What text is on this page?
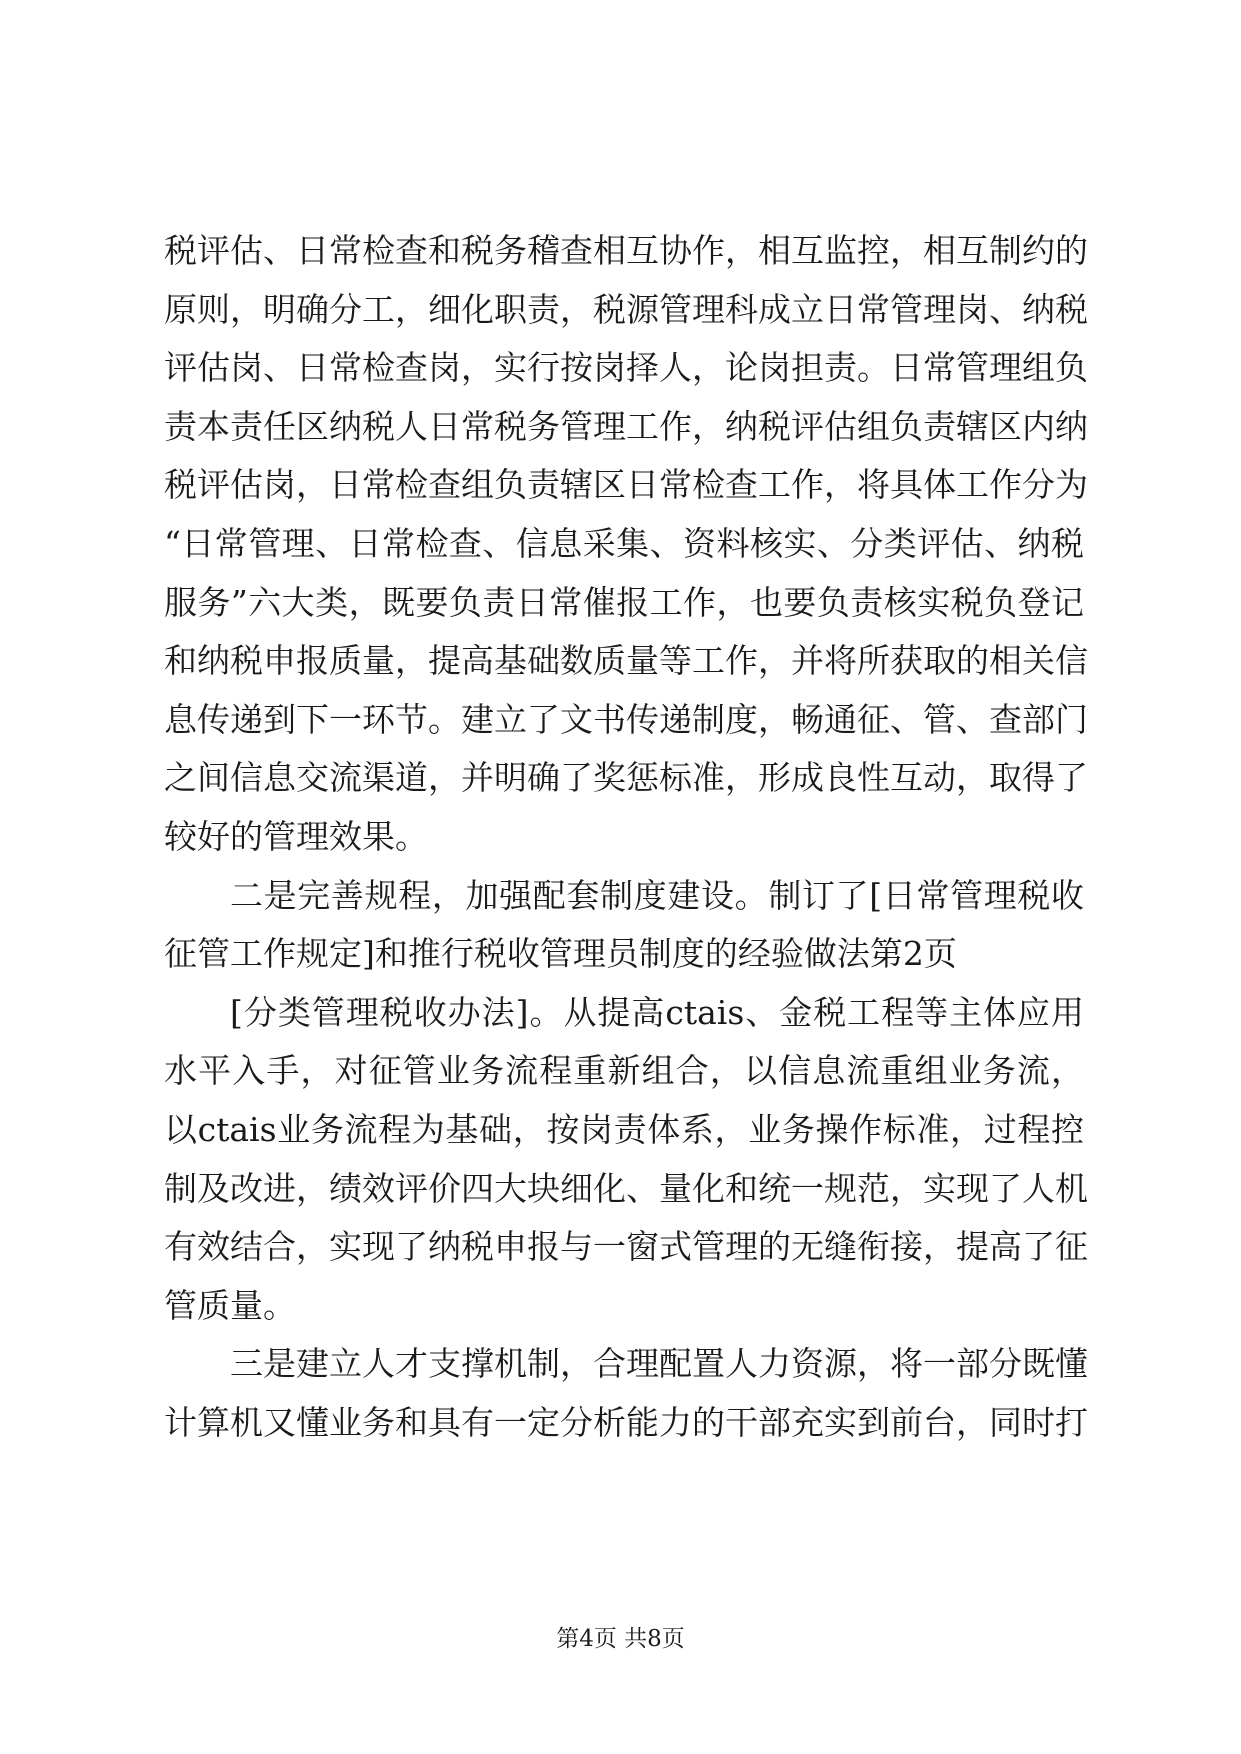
税评估、日常检查和税务稽查相互协作，相互监控，相互制约的
原则，明确分工，细化职责，税源管理科成立日常管理岗、纳税
评估岗、日常检查岗，实行按岗择人，论岗担责。日常管理组负
责本责任区纳税人日常税务管理工作，纳税评估组负责辖区内纳
税评估岗，日常检查组负责辖区日常检查工作，将具体工作分为
“日常管理、日常检查、信息采集、资料核实、分类评估、纳税
服务”六大类，既要负责日常催报工作，也要负责核实税负登记
和纳税申报质量，提高基础数质量等工作，并将所获取的相关信
息传递到下一环节。建立了文书传递制度，畅通征、管、查部门
之间信息交流渠道，并明确了奖惩标准，形成良性互动，取得了
较好的管理效果。
二是完善规程，加强配套制度建设。制订了[日常管理税收
征管工作规定]和推行税收管理员制度的经验做法第2页
[分类管理税收办法]。从提高ctais、金税工程等主体应用
水平入手，对征管业务流程重新组合，以信息流重组业务流，
以ctais业务流程为基础，按岗责体系，业务操作标准，过程控
制及改进，绩效评价四大块细化、量化和统一规范，实现了人机
有效结合，实现了纳税申报与一窗式管理的无缝衔接，提高了征
管质量。
三是建立人才支撑机制，合理配置人力资源，将一部分既懂
计算机又懂业务和具有一定分析能力的干部充实到前台，同时打
第4页 共8页
